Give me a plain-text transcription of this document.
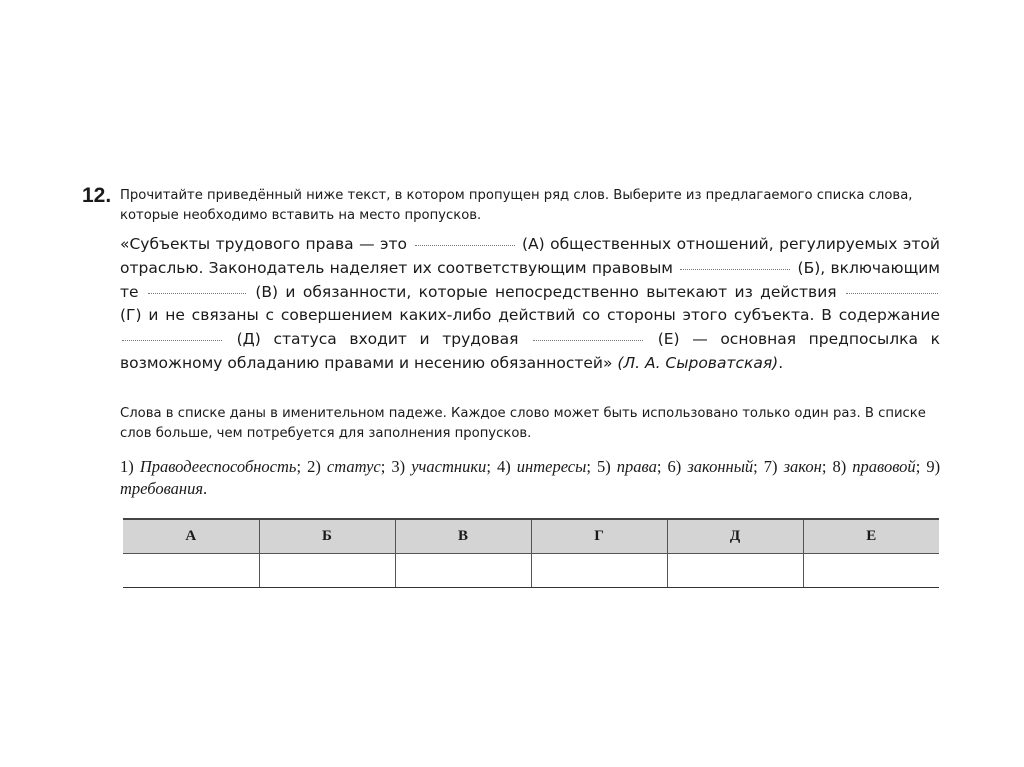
12. Прочитайте приведённый ниже текст, в котором пропущен ряд слов. Выберите из предлагаемого списка слова, которые необходимо вставить на место пропусков.
«Субъекты трудового права — это	(А) общественных отношений, регулируемых этой отраслью. Законодатель наделяет их соответствующим правовым	(Б), включающим те	(В) и обязанности, которые непосредственно вытекают из действия  (Г) и не связаны с совершением каких-либо действий со стороны этого субъекта. В содержание  (Д) статуса входит и трудовая	(Е) — основная предпосылка к возможному обладанию правами и несению обязанностей» (Л. А. Сыроватская).
Слова в списке даны в именительном падеже. Каждое слово может быть использовано только один раз. В списке слов больше, чем потребуется для заполнения пропусков.
1) Праводееспособность; 2) статус; 3) участники; 4) интересы; 5) права; 6) законный; 7) закон; 8) правовой; 9) требования.
А	Б	В	Г	Д	Е
